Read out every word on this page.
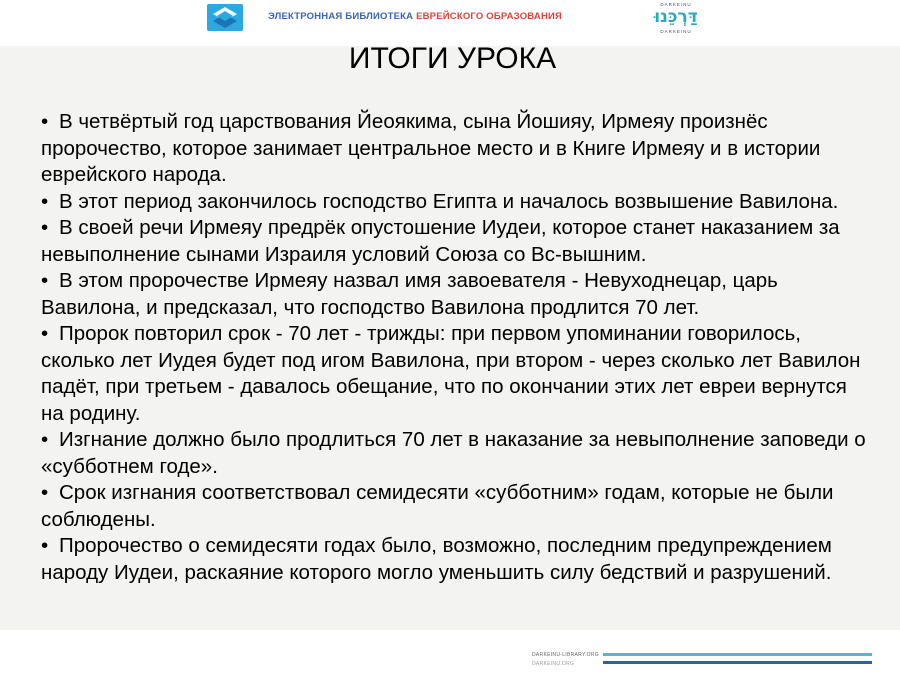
ЭЛЕКТРОННАЯ БИБЛИОТЕКА ЕВРЕЙСКОГО ОБРАЗОВАНИЯ
DARKEINU
דַּרְכֵּנוּ
DARKEINU
ИТОГИ УРОКА
• В четвёртый год царствования Йеоякима, сына Йошияу, Ирмеяу произнёс пророчество, которое занимает центральное место и в Книге Ирмеяу и в истории еврейского народа.
• В этот период закончилось господство Египта и началось возвышение Вавилона.
• В своей речи Ирмеяу предрёк опустошение Иудеи, которое станет наказанием за невыполнение сынами Израиля условий Союза со Вс-вышним.
• В этом пророчестве Ирмеяу назвал имя завоевателя - Невуходнецар, царь Вавилона, и предсказал, что господство Вавилона продлится 70 лет.
• Пророк повторил срок - 70 лет - трижды: при первом упоминании говорилось, сколько лет Иудея будет под игом Вавилона, при втором - через сколько лет Вавилон падёт, при третьем - давалось обещание, что по окончании этих лет евреи вернутся на родину.
• Изгнание должно было продлиться 70 лет в наказание за невыполнение заповеди о «субботнем годе».
• Срок изгнания соответствовал семидесяти «субботним» годам, которые не были соблюдены.
• Пророчество о семидесяти годах было, возможно, последним предупреждением народу Иудеи, раскаяние которого могло уменьшить силу бедствий и разрушений.
DARKEINU-LIBRARY.ORG
DARKEINU.ORG
